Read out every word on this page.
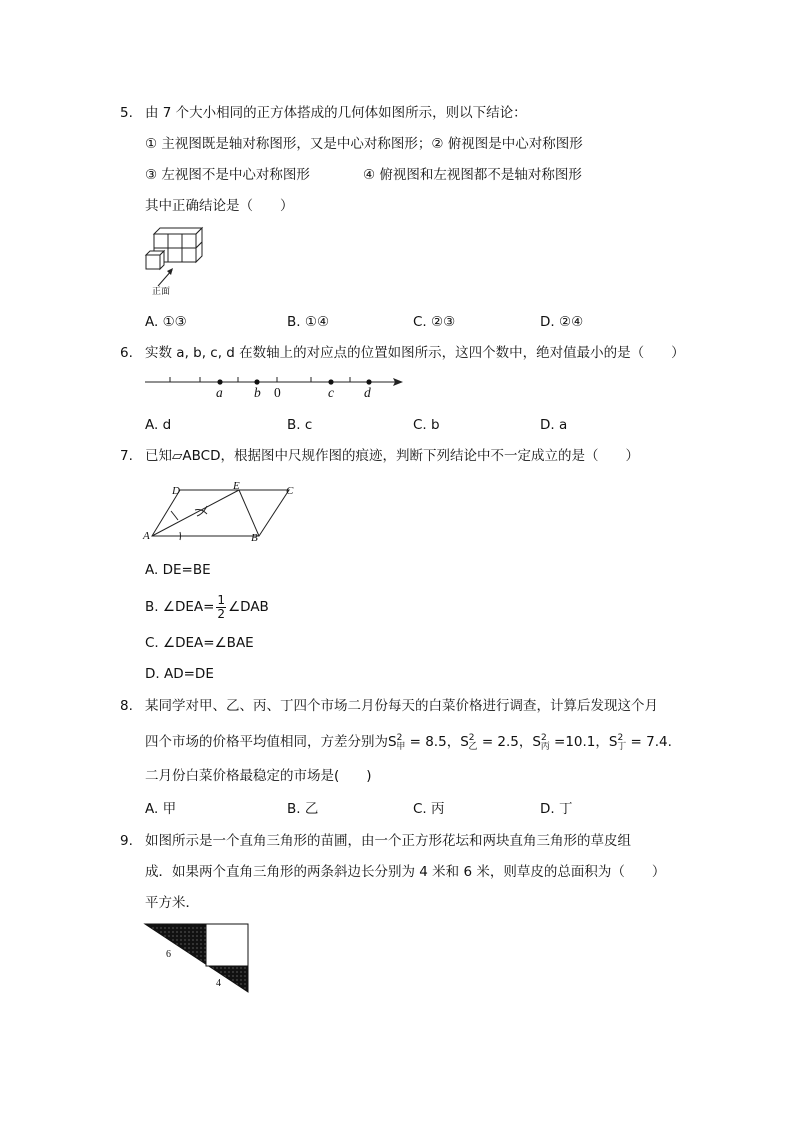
5. 由 7 个大小相同的正方体搭成的几何体如图所示，则以下结论：
① 主视图既是轴对称图形，又是中心对称图形；② 俯视图是中心对称图形
③ 左视图不是中心对称图形	④ 俯视图和左视图都不是轴对称图形
其中正确结论是（　　）
正面
A. ①③	B. ①④	C. ②③	D. ②④
6. 实数 a, b, c, d 在数轴上的对应点的位置如图所示，这四个数中，绝对值最小的是（　　）
a b 0	c d
A. d	B. c	C. b	D. a
7. 已知▱ABCD，根据图中尺规作图的痕迹，判断下列结论中不一定成立的是（　　）
D	E	C
A	B
A. DE=BE
B. ∠DEA= $\frac{1}{2}$ ∠DAB
C. ∠DEA=∠BAE
D. AD=DE
8. 某同学对甲、乙、丙、丁四个市场二月份每天的白菜价格进行调查，计算后发现这个月
四个市场的价格平均值相同，方差分别为$S^2_甲 = 8.5$，$S^2_乙 = 2.5$，$S^2_丙 =10.1$，$S^2_丁 = 7.4$.
二月份白菜价格最稳定的市场是(　　)
A. 甲	B. 乙	C. 丙	D. 丁
9. 如图所示是一个直角三角形的苗圃，由一个正方形花坛和两块直角三角形的草皮组
成．如果两个直角三角形的两条斜边长分别为 4 米和 6 米，则草皮的总面积为（　　）
平方米．
6
4
